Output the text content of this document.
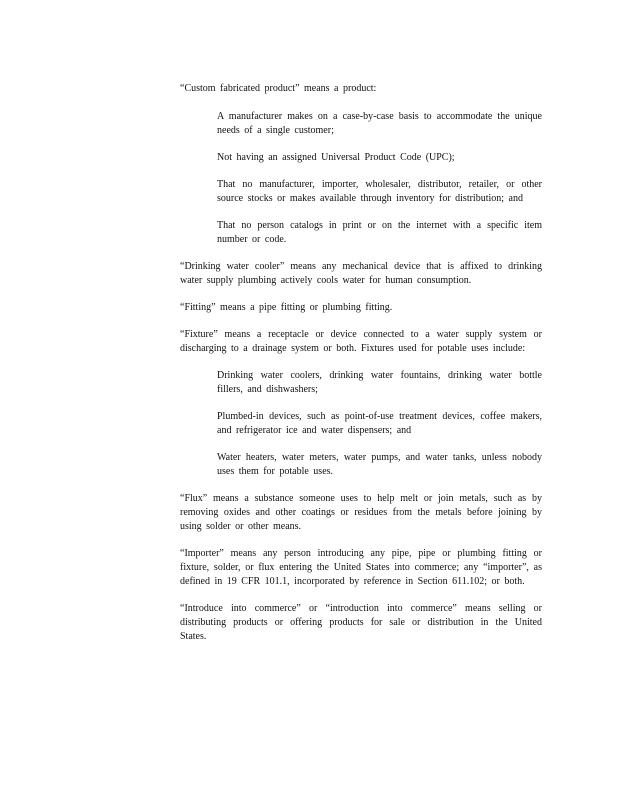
“Custom fabricated product” means a product:

A manufacturer makes on a case-by-case basis to accommodate the unique needs of a single customer;

Not having an assigned Universal Product Code (UPC);

That no manufacturer, importer, wholesaler, distributor, retailer, or other source stocks or makes available through inventory for distribution; and

That no person catalogs in print or on the internet with a specific item number or code.

“Drinking water cooler” means any mechanical device that is affixed to drinking water supply plumbing actively cools water for human consumption.

“Fitting” means a pipe fitting or plumbing fitting.

“Fixture” means a receptacle or device connected to a water supply system or discharging to a drainage system or both. Fixtures used for potable uses include:

Drinking water coolers, drinking water fountains, drinking water bottle fillers, and dishwashers;

Plumbed-in devices, such as point-of-use treatment devices, coffee makers, and refrigerator ice and water dispensers; and

Water heaters, water meters, water pumps, and water tanks, unless nobody uses them for potable uses.

“Flux” means a substance someone uses to help melt or join metals, such as by removing oxides and other coatings or residues from the metals before joining by using solder or other means.

“Importer” means any person introducing any pipe, pipe or plumbing fitting or fixture, solder, or flux entering the United States into commerce; any “importer”, as defined in 19 CFR 101.1, incorporated by reference in Section 611.102; or both.

“Introduce into commerce” or “introduction into commerce” means selling or distributing products or offering products for sale or distribution in the United States.
